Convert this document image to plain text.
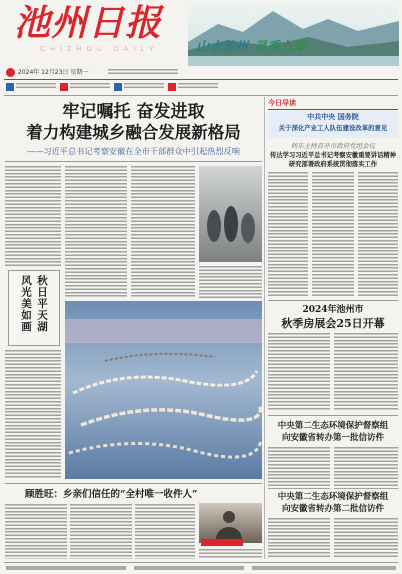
池州日报
CHIZHOU DAILY	山水池州 灵秀九华
2024年 12月23日 星期一
牢记嘱托 奋发进取
着力构建城乡融合发展新格局
——习近平总书记考察安徽在全市干部群众中引起热烈反响
风光美如画 秋日平天湖
顾胜旺：乡亲们信任的“全村唯一收件人”
今日导读
中共中央 国务院
关于深化产业工人队伍建设改革的意见
何东主持召开市政府党组会议
传达学习习近平总书记考察安徽重要讲话精神
研究部署政府系统贯彻落实工作
2024年池州市
秋季房展会25日开幕
中央第二生态环境保护督察组
向安徽省转办第一批信访件
中央第二生态环境保护督察组
向安徽省转办第二批信访件
